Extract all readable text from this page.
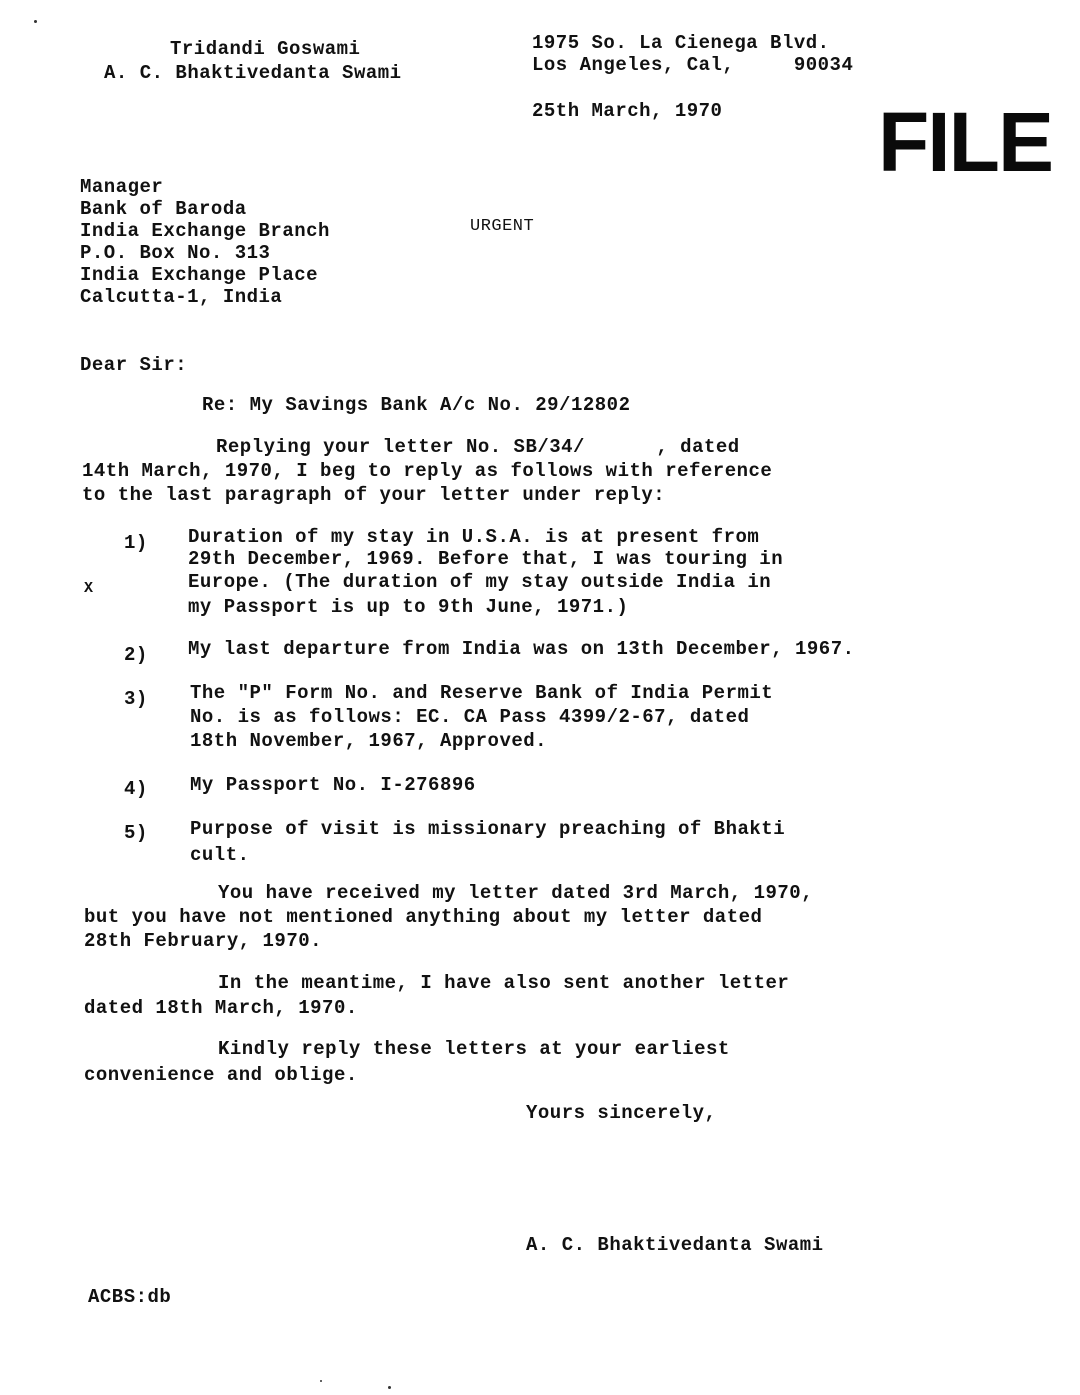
Tridandi Goswami
A. C. Bhaktivedanta Swami
1975 So. La Cienega Blvd.
Los Angeles, Cal,     90034
25th March, 1970 FILE
Manager
Bank of Baroda
India Exchange Branch
P.O. Box No. 313
India Exchange Place
Calcutta-1, India
URGENT
Dear Sir:
Re: My Savings Bank A/c No. 29/12802
Replying your letter No. SB/34/      , dated
14th March, 1970, I beg to reply as follows with reference
to the last paragraph of your letter under reply:
1) Duration of my stay in U.S.A. is at present from
29th December, 1969. Before that, I was touring in
Europe. (The duration of my stay outside India in
my Passport is up to 9th June, 1971.)
X
2) My last departure from India was on 13th December, 1967.
3) The "P" Form No. and Reserve Bank of India Permit
No. is as follows: EC. CA Pass 4399/2-67, dated
18th November, 1967, Approved.
4) My Passport No. I-276896
5) Purpose of visit is missionary preaching of Bhakti
cult.
You have received my letter dated 3rd March, 1970,
but you have not mentioned anything about my letter dated
28th February, 1970.
In the meantime, I have also sent another letter
dated 18th March, 1970.
Kindly reply these letters at your earliest
convenience and oblige.
Yours sincerely,
A. C. Bhaktivedanta Swami
ACBS:db
